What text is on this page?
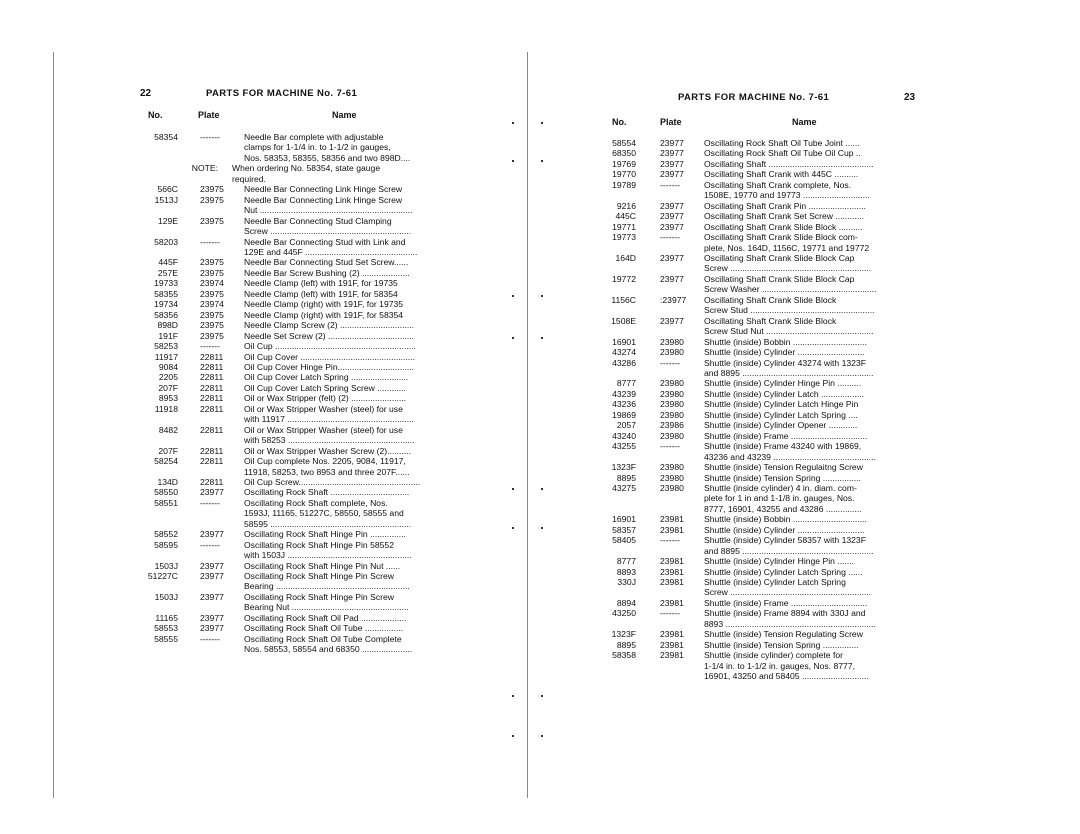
22	PARTS FOR MACHINE No. 7-61
No.	Plate	Name
58354	-------	Needle Bar complete with adjustable
clamps for 1-1/4 in. to 1-1/2 in gauges,
Nos. 58353, 58355, 58356 and two 898D....
NOTE: When ordering No. 58354, state gauge
required.
566C	23975 Needle Bar Connecting Link Hinge Screw
1513J	23975 Needle Bar Connecting Link Hinge Screw
Nut ................................................................
129E	23975 Needle Bar Connecting Stud Clamping
Screw ...........................................................
58203	-------	Needle Bar Connecting Stud with Link and
129E and 445F ...............................................
445F	23975 Needle Bar Connecting Stud Set Screw......
257E	23975 Needle Bar Screw Bushing (2) ....................
19733	23974 Needle Clamp (left) with 191F, for 19735
58355	23975 Needle Clamp (left) with 191F, for 58354
19734	23974 Needle Clamp (right) with 191F, for 19735
58356	23975 Needle Clamp (right) with 191F, for 58354
898D	23975 Needle Clamp Screw (2) ...............................
191F	23975 Needle Set Screw (2) ....................................
58253	-------	Oil Cup ...........................................................
11917	22811	Oil Cup Cover ................................................
9084	22811	Oil Cup Cover Hinge Pin................................
2205	22811	Oil Cup Cover Latch Spring ........................
207F	22811	Oil Cup Cover Latch Spring Screw ............
8953	22811	Oil or Wax Stripper (felt) (2) .......................
11918	22811	Oil or Wax Stripper Washer (steel) for use
with 11917 .....................................................
8482	22811	Oil or Wax Stripper Washer (steel) for use
with 58253 .....................................................
207F	22811	Oil or Wax Stripper Washer Screw (2)..........
58254	22811	Oil Cup complete Nos. 2205, 9084, 11917,
11918, 58253, two 8953 and three 207F......
134D	22811	Oil Cup Screw...................................................
58550	23977 Oscillating Rock Shaft .................................
58551	-------	Oscillating Rock Shaft complete, Nos.
1593J, 11165, 51227C, 58550, 58555 and
58595 ...........................................................
58552	23977 Oscillating Rock Shaft Hinge Pin ...............
58595	-------	Oscillating Rock Shaft Hinge Pin 58552
with 1503J ....................................................
1503J	23977 Oscillating Rock Shaft Hinge Pin Nut ......
51227C	23977 Oscillating Rock Shaft Hinge Pin Screw
Bearing ........................................................
1503J	23977 Oscillating Rock Shaft Hinge Pin Screw
Bearing Nut .................................................
11165	23977 Oscillating Rock Shaft Oil Pad ...................
58553	23977 Oscillating Rock Shaft Oil Tube ................
58555	-------	Oscillating Rock Shaft Oil Tube Complete
Nos. 58553, 58554 and 68350 .....................
23
PARTS FOR MACHINE No. 7-61
No.	Plate	Name
58554	23977 Oscillating Rock Shaft Oil Tube Joint ......
68350	23977 Oscillating Rock Shaft Oil Tube Oil Cup ..
19769	23977 Oscillating Shaft ............................................
19770	23977 Oscillating Shaft Crank with 445C ..........
19789	-------	Oscillating Shaft Crank complete, Nos.
1508E, 19770 and 19773 ............................
9216	23977 Oscillating Shaft Crank Pin ........................
445C	23977 Oscillating Shaft Crank Set Screw ............
19771	23977 Oscillating Shaft Crank Slide Block ..........
19773	-------	Oscillating Shaft Crank Slide Block com-
plete, Nos. 164D, 1156C, 19771 and 19772
164D	23977 Oscillating Shaft Crank Slide Block Cap
Screw ...........................................................
19772	23977 Oscillating Shaft Crank Slide Block Cap
Screw Washer ................................................
1156C	:23977 Oscillating Shaft Crank Slide Block
Screw Stud ....................................................
1508E	23977 Oscillating Shaft Crank Slide Block
Screw Stud Nut .............................................
16901	23980 Shuttle (inside) Bobbin ...............................
43274	23980 Shuttle (inside) Cylinder ............................
43286	-------	Shuttle (inside) Cylinder 43274 with 1323F
and 8895 .......................................................
8777	23980 Shuttle (inside) Cylinder Hinge Pin ..........
43239	23980 Shuttle (inside) Cylinder Latch ..................
43236	23980 Shuttle (inside) Cylinder Latch Hinge Pin
19869	23980 Shuttle (inside) Cylinder Latch Spring ....
2057	23986 Shuttle (inside) Cylinder Opener ............
43240	23980 Shuttle (inside) Frame ................................
43255	-------	Shuttle (inside) Frame 43240 with 19869,
43236 and 43239 ...........................................
1323F	23980 Shuttle (inside) Tension Regulaitng Screw
8895	23980 Shuttle (inside) Tension Spring ................
43275	23980 Shuttle (inside cylinder) 4 in. diam. com-
plete for 1 in and 1-1/8 in. gauges, Nos.
8777, 16901, 43255 and 43286 ...............
16901	23981 Shuttle (inside) Bobbin ...............................
58357	23981 Shuttle (inside) Cylinder ............................
58405	-------	Shuttle (inside) Cylinder 58357 with 1323F
and 8895 .......................................................
8777	23981 Shuttle (inside) Cylinder Hinge Pin .......
8893	23981 Shuttle (inside) Cylinder Latch Spring ......
330J	23981 Shuttle (inside) Cylinder Latch Spring
Screw ...........................................................
8894	23981 Shuttle (inside) Frame ................................
43250	-------	Shuttle (inside) Frame 8894 with 330J and
8893 ...............................................................
1323F	23981 Shuttle (inside) Tension Regulating Screw
8895	23981 Shuttle (inside) Tension Spring ...............
58358	23981 Shuttle (inside cylinder) complete for
1-1/4 in. to 1-1/2 in. gauges, Nos. 8777,
16901, 43250 and 58405 ............................
